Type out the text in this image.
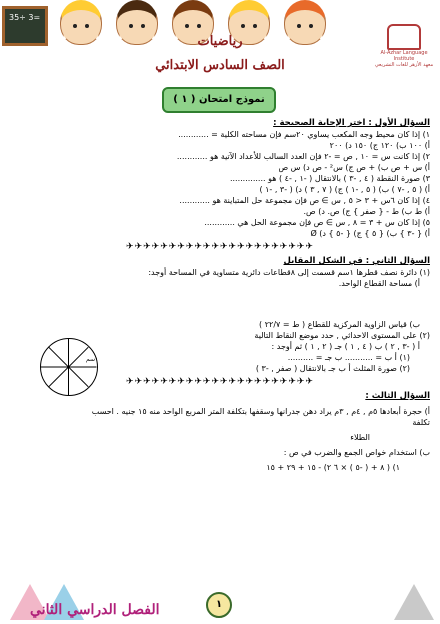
35÷ 3=
Al-Azhar Language Institute
معهد الأزهر للغات التشريعي
رياضيات
الصف السادس الابتدائي
نموذج امتحان ( ١ )
السؤال الأول : اختر الإجابة الصحيحة :
١) إذا كان محيط وجه المكعب يساوي ٢٠سم فإن مساحته الكلية = ............
أ) ١٠٠ ب) ١٢٠ ج) ١٥٠ د) ٢٠٠
٢) إذا كانت س = ١٠ , ص = -٢ فإن العدد السالب للأعداد الآتية هو ............
أ) س + ص ب) + ص ج) س² - ص د) س ص
٣) صورة النقطة ( ٤ , -٣ ) بالانتقال ( -١ , -٤ ) هو ..............
أ) ( ٥ , -٧ ) ب) ( ٥ , -١ ) ج) ( ٧ , ٣ ) د) ( -٣ , -١ )
٤) إذا كان ٦س + ٣ < ٥ , س ∋ ص فإن مجموعة حل المتباينة هو ............
أ) ط ب) ط - { صفر } ج) ص. د) ص.
٥) إذا كان س + ٣ = ٨ , س ∋ ص فإن مجموعة الحل هي ............
أ) { -٣ } ب) { ٥ } ج) { -٥ } د) Ø
✈✈✈✈✈✈✈✈✈✈✈✈✈✈✈✈✈✈✈✈✈✈
السؤال الثاني : في الشكل المقابل
(١) دائرة نصف قطرها ١سم قسمت إلى ٨قطاعات دائرية متساوية في المساحة أوجد:
أ) مساحة القطاع الواحد.
ب) قياس الزاوية المركزية للقطاع ( ط = ٢٢/٧ )
(٢) على المستوى الاحداثي , حدد موضع النقاط التالية
أ ( -٣ , ٢ ) ب ( ٤ , ١ ) جـ ( ٢ , ١ ) ثم أوجد :
(١) أ ب = ........... ب جـ = ..........
(٢) صورة المثلث أ ب جـ بالانتقال ( صفر , -٣ )
✈✈✈✈✈✈✈✈✈✈✈✈✈✈✈✈✈✈✈✈✈✈
السؤال الثالث :
أ) حجرة أبعادها ٥م , ٤م , ٣م يراد دهن جدرانها وسقفها بتكلفة المتر المربع الواحد منه ١٥ جنيه . احسب
تكلفة
الطلاء
ب) استخدام خواص الجمع والضرب في ص :
١) ( ٨ + ( -٥ ) × ٦ ٢) - ١٥ + ٢٩ + ١٥
١سم
١
الفصل الدراسي الثاني
